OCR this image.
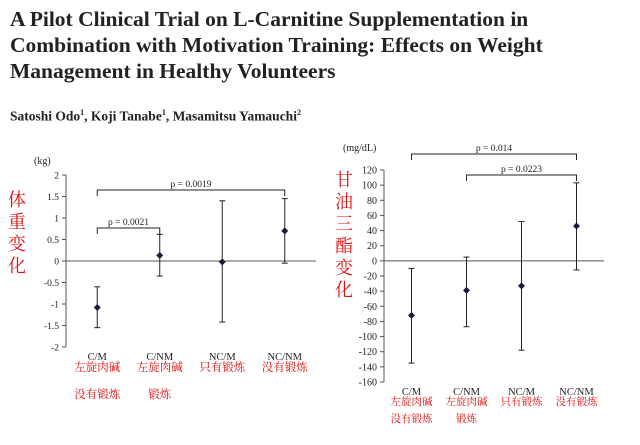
A Pilot Clinical Trial on L-Carnitine Supplementation in Combination with Motivation Training: Effects on Weight Management in Healthy Volunteers
Satoshi Odo$^1$, Koji Tanabe$^1$, Masamitsu Yamauchi$^2$
体重变化
甘油三酯变化
2
1.5
1
0.5
0
-0.5
-1
-1.5
-2
(kg)
C/M	C/NM	NC/M	NC/NM
p = 0.0019
p = 0.0021
左旋肉碱
没有锻炼
左旋肉碱
锻炼
只有锻炼 没有锻炼
120
100
80
60
40
20
0
-20
-40
-60
-80
-100
-120
-140
-160
(mg/dL)
C/M	C/NM	NC/M NC/NM
p = 0.014
p = 0.0223
左旋肉碱
没有锻炼
左旋肉碱
锻炼
只有锻炼 没有锻炼
